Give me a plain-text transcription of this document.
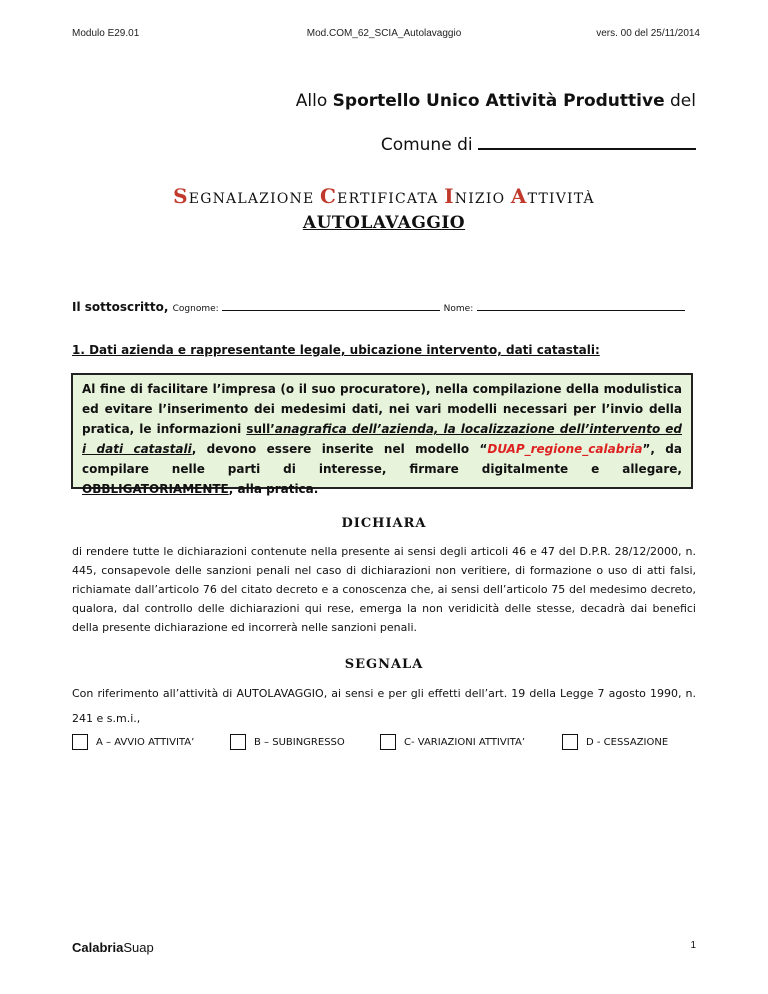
Modulo E29.01	Mod.COM_62_SCIA_Autolavaggio	vers. 00 del 25/11/2014
Allo Sportello Unico Attività Produttive del
Comune di
SEGNALAZIONE CERTIFICATA INIZIO ATTIVITÀ
AUTOLAVAGGIO
Il sottoscritto, Cognome:	Nome:
1. Dati azienda e rappresentante legale, ubicazione intervento, dati catastali:
Al fine di facilitare l’impresa (o il suo procuratore), nella compilazione della modulistica ed evitare l’inserimento dei medesimi dati, nei vari modelli necessari per l’invio della pratica, le informazioni sull’anagrafica dell’azienda, la localizzazione dell’intervento ed i dati catastali, devono essere inserite nel modello “DUAP_regione_calabria”, da compilare nelle parti di interesse, firmare digitalmente e allegare, OBBLIGATORIAMENTE, alla pratica.
DICHIARA
di rendere tutte le dichiarazioni contenute nella presente ai sensi degli articoli 46 e 47 del D.P.R. 28/12/2000, n. 445, consapevole delle sanzioni penali nel caso di dichiarazioni non veritiere, di formazione o uso di atti falsi, richiamate dall’articolo 76 del citato decreto e a conoscenza che, ai sensi dell’articolo 75 del medesimo decreto, qualora, dal controllo delle dichiarazioni qui rese, emerga la non veridicità delle stesse, decadrà dai benefici della presente dichiarazione ed incorrerà nelle sanzioni penali.
SEGNALA
Con riferimento all’attività di AUTOLAVAGGIO, ai sensi e per gli effetti dell’art. 19 della Legge 7 agosto 1990, n. 241 e s.m.i.,
A – AVVIO ATTIVITA’	B – SUBINGRESSO	C- VARIAZIONI ATTIVITA’	D - CESSAZIONE
CalabriaSuap	1
